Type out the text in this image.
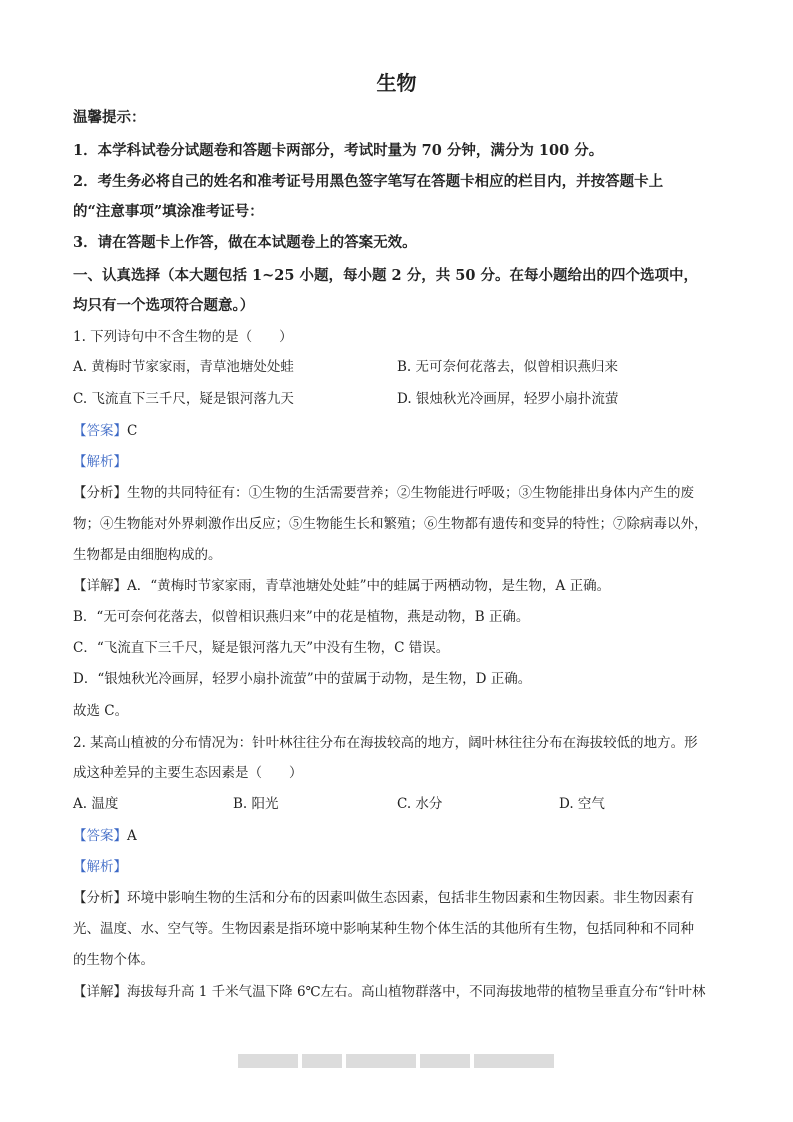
生物
温馨提示：
1．本学科试卷分试题卷和答题卡两部分，考试时量为 70 分钟，满分为 100 分。
2．考生务必将自己的姓名和准考证号用黑色签字笔写在答题卡相应的栏目内，并按答题卡上
的“注意事项”填涂准考证号：
3．请在答题卡上作答，做在本试题卷上的答案无效。
一、认真选择（本大题包括 1~25 小题，每小题 2 分，共 50 分。在每小题给出的四个选项中，
均只有一个选项符合题意。）
1. 下列诗句中不含生物的是（　　）
A. 黄梅时节家家雨，青草池塘处处蛙	B. 无可奈何花落去，似曾相识燕归来
C. 飞流直下三千尺，疑是银河落九天	D. 银烛秋光冷画屏，轻罗小扇扑流萤
【答案】C
【解析】
【分析】生物的共同特征有：①生物的生活需要营养；②生物能进行呼吸；③生物能排出身体内产生的废
物；④生物能对外界刺激作出反应；⑤生物能生长和繁殖；⑥生物都有遗传和变异的特性；⑦除病毒以外，
生物都是由细胞构成的。
【详解】A．“黄梅时节家家雨，青草池塘处处蛙”中的蛙属于两栖动物，是生物，A 正确。
B．“无可奈何花落去，似曾相识燕归来”中的花是植物，燕是动物，B 正确。
C．“飞流直下三千尺，疑是银河落九天”中没有生物，C 错误。
D．“银烛秋光冷画屏，轻罗小扇扑流萤”中的萤属于动物，是生物，D 正确。
故选 C。
2. 某高山植被的分布情况为：针叶林往往分布在海拔较高的地方，阔叶林往往分布在海拔较低的地方。形
成这种差异的主要生态因素是（　　）
A. 温度	B. 阳光	C. 水分	D. 空气
【答案】A
【解析】
【分析】环境中影响生物的生活和分布的因素叫做生态因素，包括非生物因素和生物因素。非生物因素有
光、温度、水、空气等。生物因素是指环境中影响某种生物个体生活的其他所有生物，包括同种和不同种
的生物个体。
【详解】海拔每升高 1 千米气温下降 6℃左右。高山植物群落中，不同海拔地带的植物呈垂直分布“针叶林
